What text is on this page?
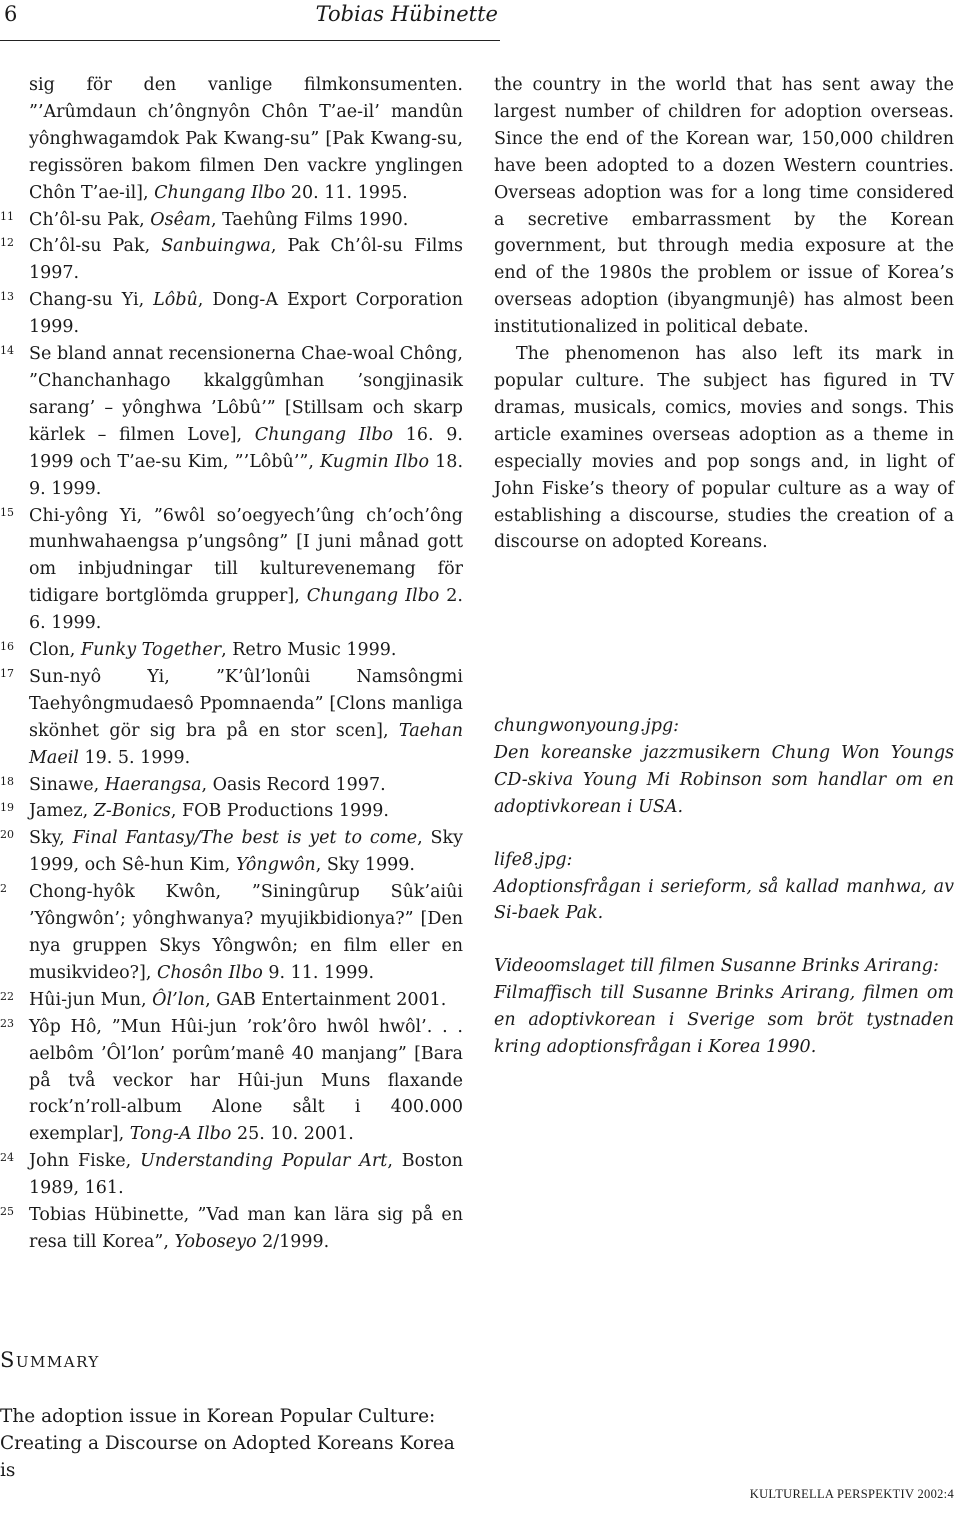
6	Tobias Hübinette
sig för den vanlige filmkonsumenten. ”’Arûmdaun ch’ôngnyôn Chôn T’ae-il’ mandûn yônghwagamdok Pak Kwang-su” [Pak Kwang-su, regissören bakom filmen Den vackre ynglingen Chôn T’ae-il], Chungang Ilbo 20. 11. 1995.
11 Ch’ôl-su Pak, Osêam, Taehûng Films 1990.
12 Ch’ôl-su Pak, Sanbuingwa, Pak Ch’ôl-su Films 1997.
13 Chang-su Yi, Lôbû, Dong-A Export Corporation 1999.
14 Se bland annat recensionerna Chae-woal Chông, ”Chanchanhago kkalggûmhan ’songjinasik sarang’ – yônghwa ’Lôbû’” [Stillsam och skarp kärlek – filmen Love], Chungang Ilbo 16. 9. 1999 och T’ae-su Kim, ”’Lôbû’”, Kugmin Ilbo 18. 9. 1999.
15 Chi-yông Yi, ”6wôl so’oegyech’ûng ch’och’ông munhwahaengsa p’ungsông” [I juni månad gott om inbjudningar till kulturevenemang för tidigare bortglömda grupper], Chungang Ilbo 2. 6. 1999.
16 Clon, Funky Together, Retro Music 1999.
17 Sun-nyô Yi, ”K’ûl’lonûi Namsôngmi Taehyôngmudaesô Ppomnaenda” [Clons manliga skönhet gör sig bra på en stor scen], Taehan Maeil 19. 5. 1999.
18 Sinawe, Haerangsa, Oasis Record 1997.
19 Jamez, Z-Bonics, FOB Productions 1999.
20 Sky, Final Fantasy/The best is yet to come, Sky 1999, och Sê-hun Kim, Yôngwôn, Sky 1999.
2	Chong-hyôk Kwôn, ”Siningûrup Sûk’aiûi ’Yôngwôn’; yônghwanya? myujikbidionya?” [Den nya gruppen Skys Yôngwôn; en film eller en musikvideo?], Chosôn Ilbo 9. 11. 1999.
22 Hûi-jun Mun, Ôl’lon, GAB Entertainment 2001.
23 Yôp Hô, ”Mun Hûi-jun ’rok’ôro hwôl hwôl’. . . aelbôm ’Ôl’lon’ porûm’manê 40 manjang” [Bara på två veckor har Hûi-jun Muns flaxande rock’n’roll-album Alone sålt i 400.000 exemplar], Tong-A Ilbo 25. 10. 2001.
24 John Fiske, Understanding Popular Art, Boston 1989, 161.
25 Tobias Hübinette, ”Vad man kan lära sig på en resa till Korea”, Yoboseyo 2/1999.

the country in the world that has sent away the largest number of children for adoption overseas. Since the end of the Korean war, 150,000 children have been adopted to a dozen Western countries. Overseas adoption was for a long time considered a secretive embarrassment by the Korean government, but through media exposure at the end of the 1980s the problem or issue of Korea’s overseas adoption (ibyangmunjê) has almost been institutionalized in political debate.

The phenomenon has also left its mark in popular culture. The subject has figured in TV dramas, musicals, comics, movies and songs. This article examines overseas adoption as a theme in especially movies and pop songs and, in light of John Fiske’s theory of popular culture as a way of establishing a discourse, studies the creation of a discourse on adopted Koreans.

chungwonyoung.jpg:
Den koreanske jazzmusikern Chung Won Youngs CD-skiva Young Mi Robinson som handlar om en adoptivkorean i USA.

life8.jpg:
Adoptionsfrågan i serieform, så kallad manhwa, av Si-baek Pak.

Videoomslaget till filmen Susanne Brinks Arirang:
Filmaffisch till Susanne Brinks Arirang, filmen om en adoptivkorean i Sverige som bröt tystnaden kring adoptionsfrågan i Korea 1990.

Summary
The adoption issue in Korean Popular Culture:
Creating a Discourse on Adopted Koreans Korea is
KULTURELLA PERSPEKTIV 2002:4
